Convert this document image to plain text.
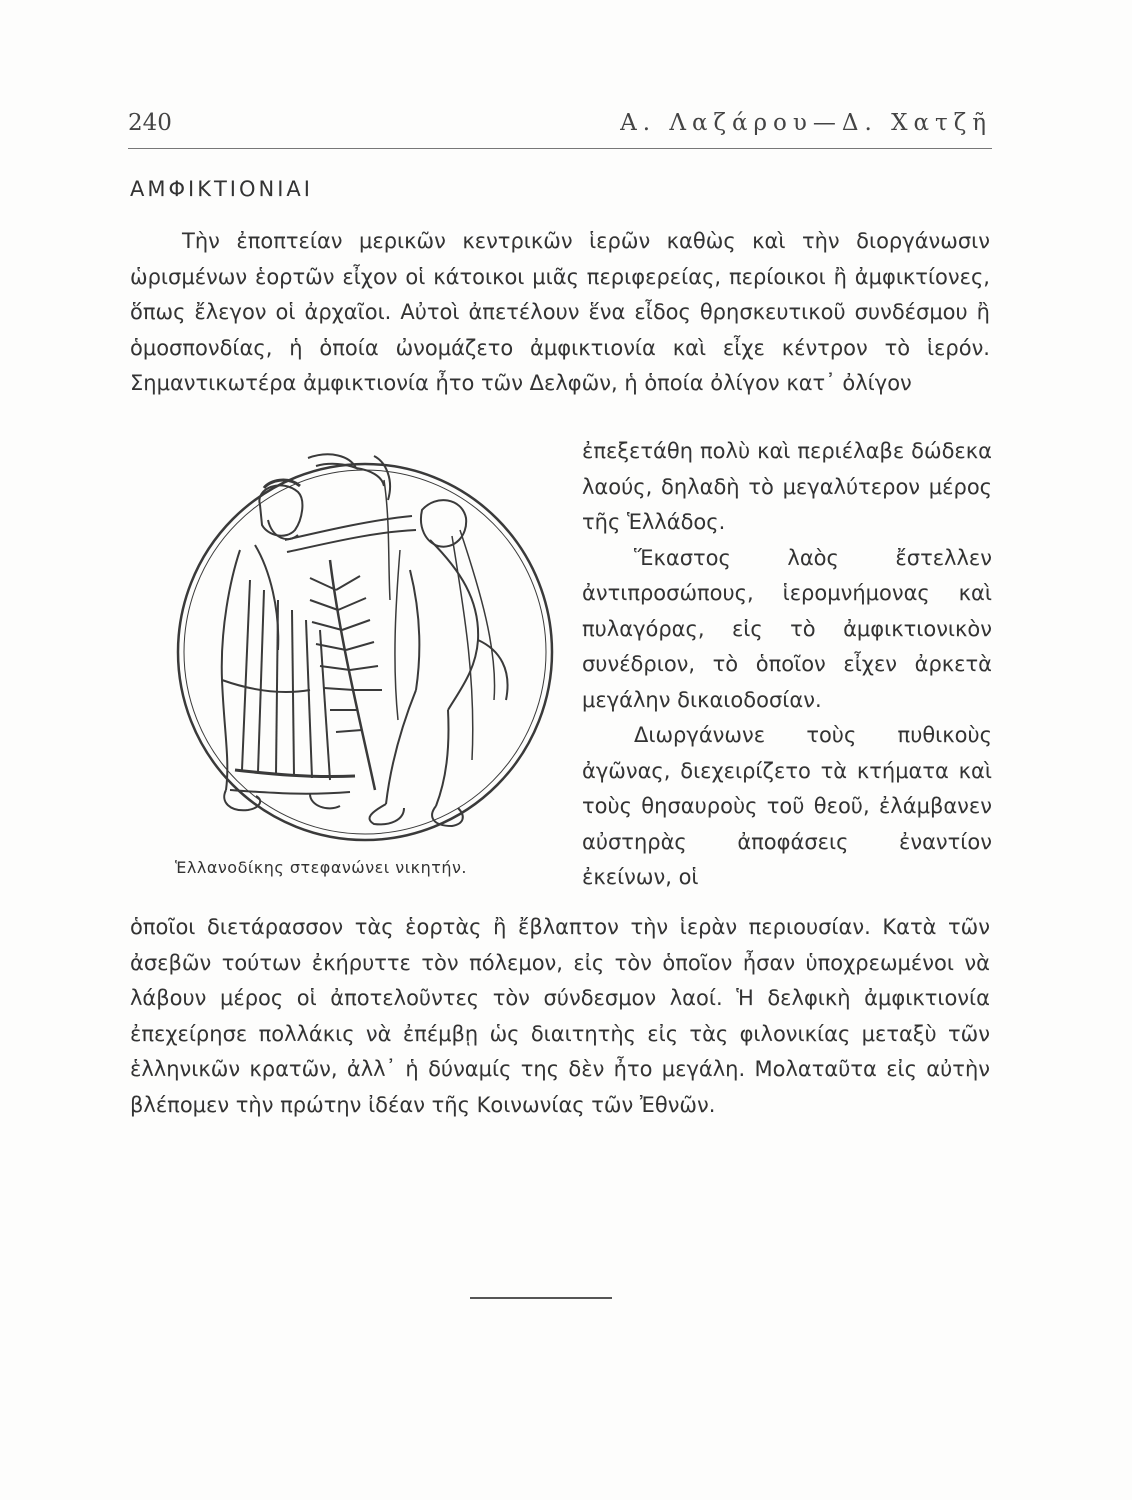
240	Α. Λαζάρου—Δ. Χατζῆ
ΑΜΦΙΚΤΙΟΝΙΑΙ

Τὴν ἐποπτείαν μερικῶν κεντρικῶν ἱερῶν καθὼς καὶ τὴν διοργάνωσιν ὡρισμένων ἑορτῶν εἶχον οἱ κάτοικοι μιᾶς περιφερείας, περίοικοι ἢ ἀμφικτίονες, ὅπως ἔλεγον οἱ ἀρχαῖοι. Αὐτοὶ ἀπετέλουν ἕνα εἶδος θρησκευτικοῦ συνδέσμου ἢ ὁμοσπονδίας, ἡ ὁποία ὠνομάζετο ἀμφικτιονία καὶ εἶχε κέντρον τὸ ἱερόν. Σημαντικωτέρα ἀμφικτιονία ἦτο τῶν Δελφῶν, ἡ ὁποία ὀλίγον κατ᾽ ὀλίγον

Ἑλλανοδίκης στεφανώνει νικητήν.

ἐπεξετάθη πολὺ καὶ περιέλαβε δώδεκα λαούς, δηλαδὴ τὸ μεγαλύτερον μέρος τῆς Ἑλλάδος.

Ἕκαστος λαὸς ἔστελλεν ἀντιπροσώπους, ἱερομνήμονας καὶ πυλαγόρας, εἰς τὸ ἀμφικτιονικὸν συνέδριον, τὸ ὁποῖον εἶχεν ἀρκετὰ μεγάλην δικαιοδοσίαν.

Διωργάνωνε τοὺς πυθικοὺς ἀγῶνας, διεχειρίζετο τὰ κτήματα καὶ τοὺς θησαυροὺς τοῦ θεοῦ, ἐλάμβανεν αὐστηρὰς ἀποφάσεις ἐναντίον ἐκείνων, οἱ

ὁποῖοι διετάρασσον τὰς ἑορτὰς ἢ ἔβλαπτον τὴν ἱερὰν περιουσίαν. Κατὰ τῶν ἀσεβῶν τούτων ἐκήρυττε τὸν πόλεμον, εἰς τὸν ὁποῖον ἦσαν ὑποχρεωμένοι νὰ λάβουν μέρος οἱ ἀποτελοῦντες τὸν σύνδεσμον λαοί. Ἡ δελφικὴ ἀμφικτιονία ἐπεχείρησε πολλάκις νὰ ἐπέμβῃ ὡς διαιτητὴς εἰς τὰς φιλονικίας μεταξὺ τῶν ἑλληνικῶν κρατῶν, ἀλλ᾽ ἡ δύναμίς της δὲν ἦτο μεγάλη. Μολαταῦτα εἰς αὐτὴν βλέπομεν τὴν πρώτην ἰδέαν τῆς Κοινωνίας τῶν Ἐθνῶν.
